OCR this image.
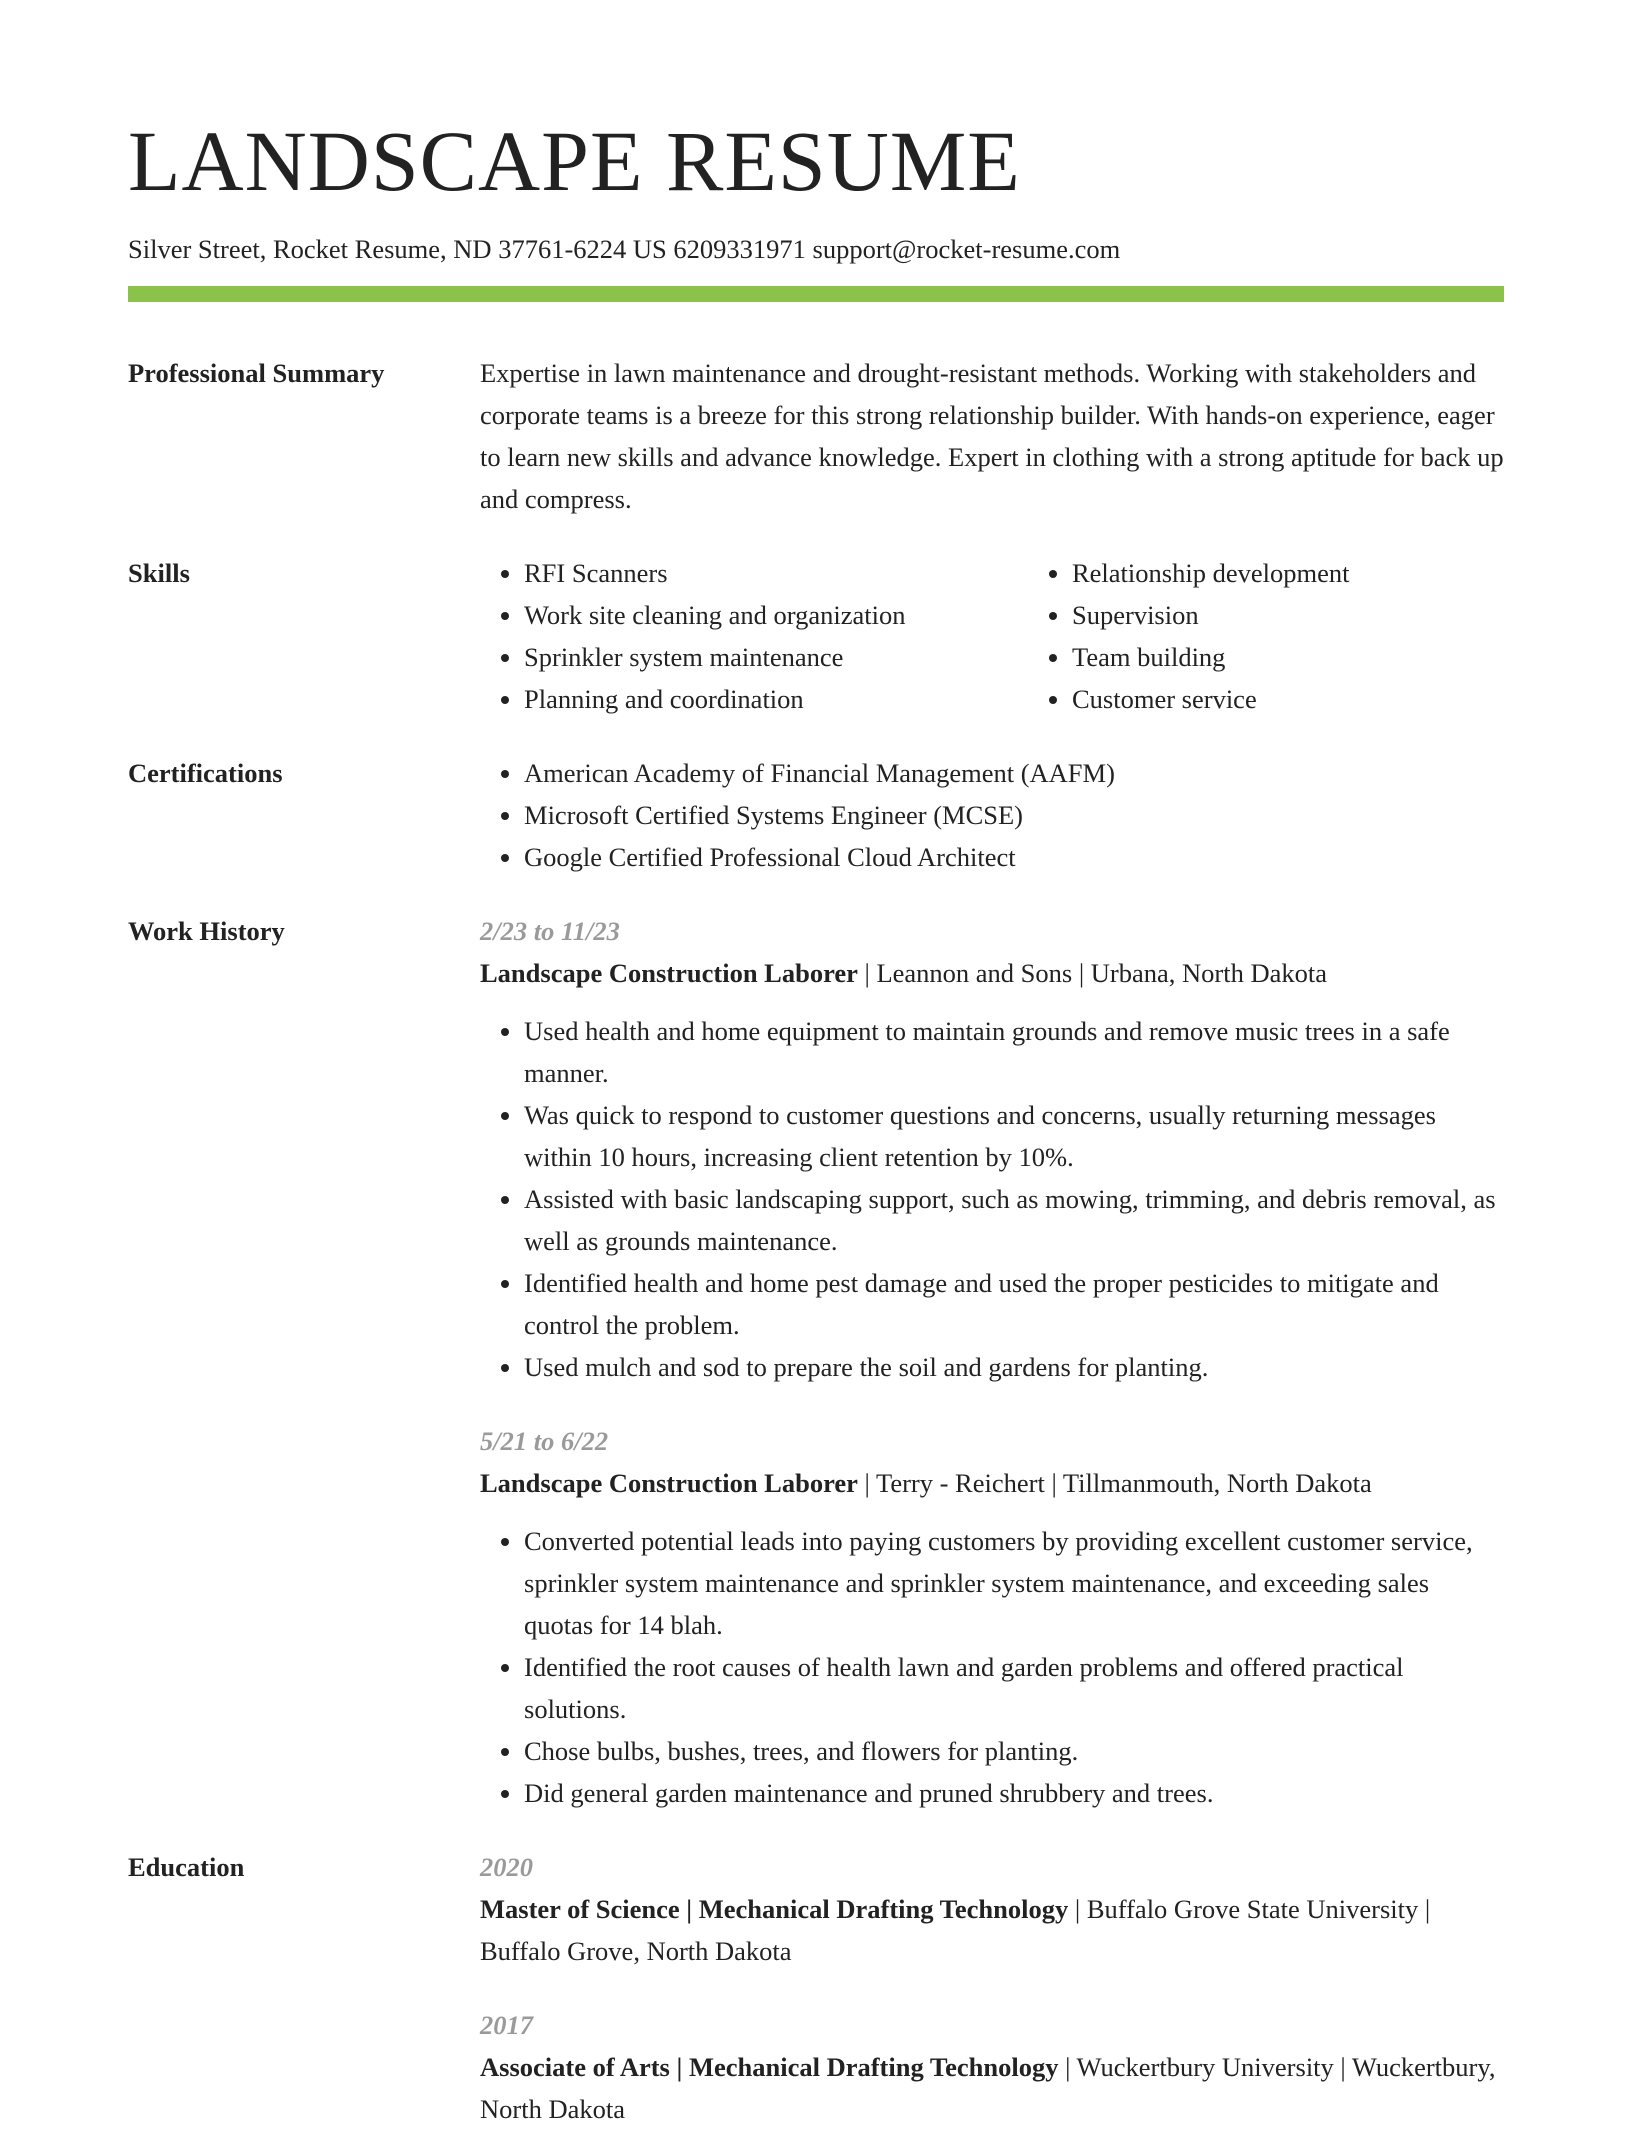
LANDSCAPE RESUME
Silver Street, Rocket Resume, ND 37761-6224 US 6209331971 support@rocket-resume.com
Professional Summary	Expertise in lawn maintenance and drought-resistant methods. Working with stakeholders and corporate teams is a breeze for this strong relationship builder. With hands-on experience, eager to learn new skills and advance knowledge. Expert in clothing with a strong aptitude for back up and compress.
Skills	• RFI Scanners
• Work site cleaning and organization
• Sprinkler system maintenance
• Planning and coordination
• Relationship development
• Supervision
• Team building
• Customer service
Certifications	• American Academy of Financial Management (AAFM)
• Microsoft Certified Systems Engineer (MCSE)
• Google Certified Professional Cloud Architect
Work History	2/23 to 11/23
Landscape Construction Laborer | Leannon and Sons | Urbana, North Dakota
• Used health and home equipment to maintain grounds and remove music trees in a safe manner.
• Was quick to respond to customer questions and concerns, usually returning messages within 10 hours, increasing client retention by 10%.
• Assisted with basic landscaping support, such as mowing, trimming, and debris removal, as well as grounds maintenance.
• Identified health and home pest damage and used the proper pesticides to mitigate and control the problem.
• Used mulch and sod to prepare the soil and gardens for planting.
5/21 to 6/22
Landscape Construction Laborer | Terry - Reichert | Tillmanmouth, North Dakota
• Converted potential leads into paying customers by providing excellent customer service, sprinkler system maintenance and sprinkler system maintenance, and exceeding sales quotas for 14 blah.
• Identified the root causes of health lawn and garden problems and offered practical solutions.
• Chose bulbs, bushes, trees, and flowers for planting.
• Did general garden maintenance and pruned shrubbery and trees.
Education	2020
Master of Science | Mechanical Drafting Technology | Buffalo Grove State University | Buffalo Grove, North Dakota
2017
Associate of Arts | Mechanical Drafting Technology | Wuckertbury University | Wuckertbury, North Dakota
